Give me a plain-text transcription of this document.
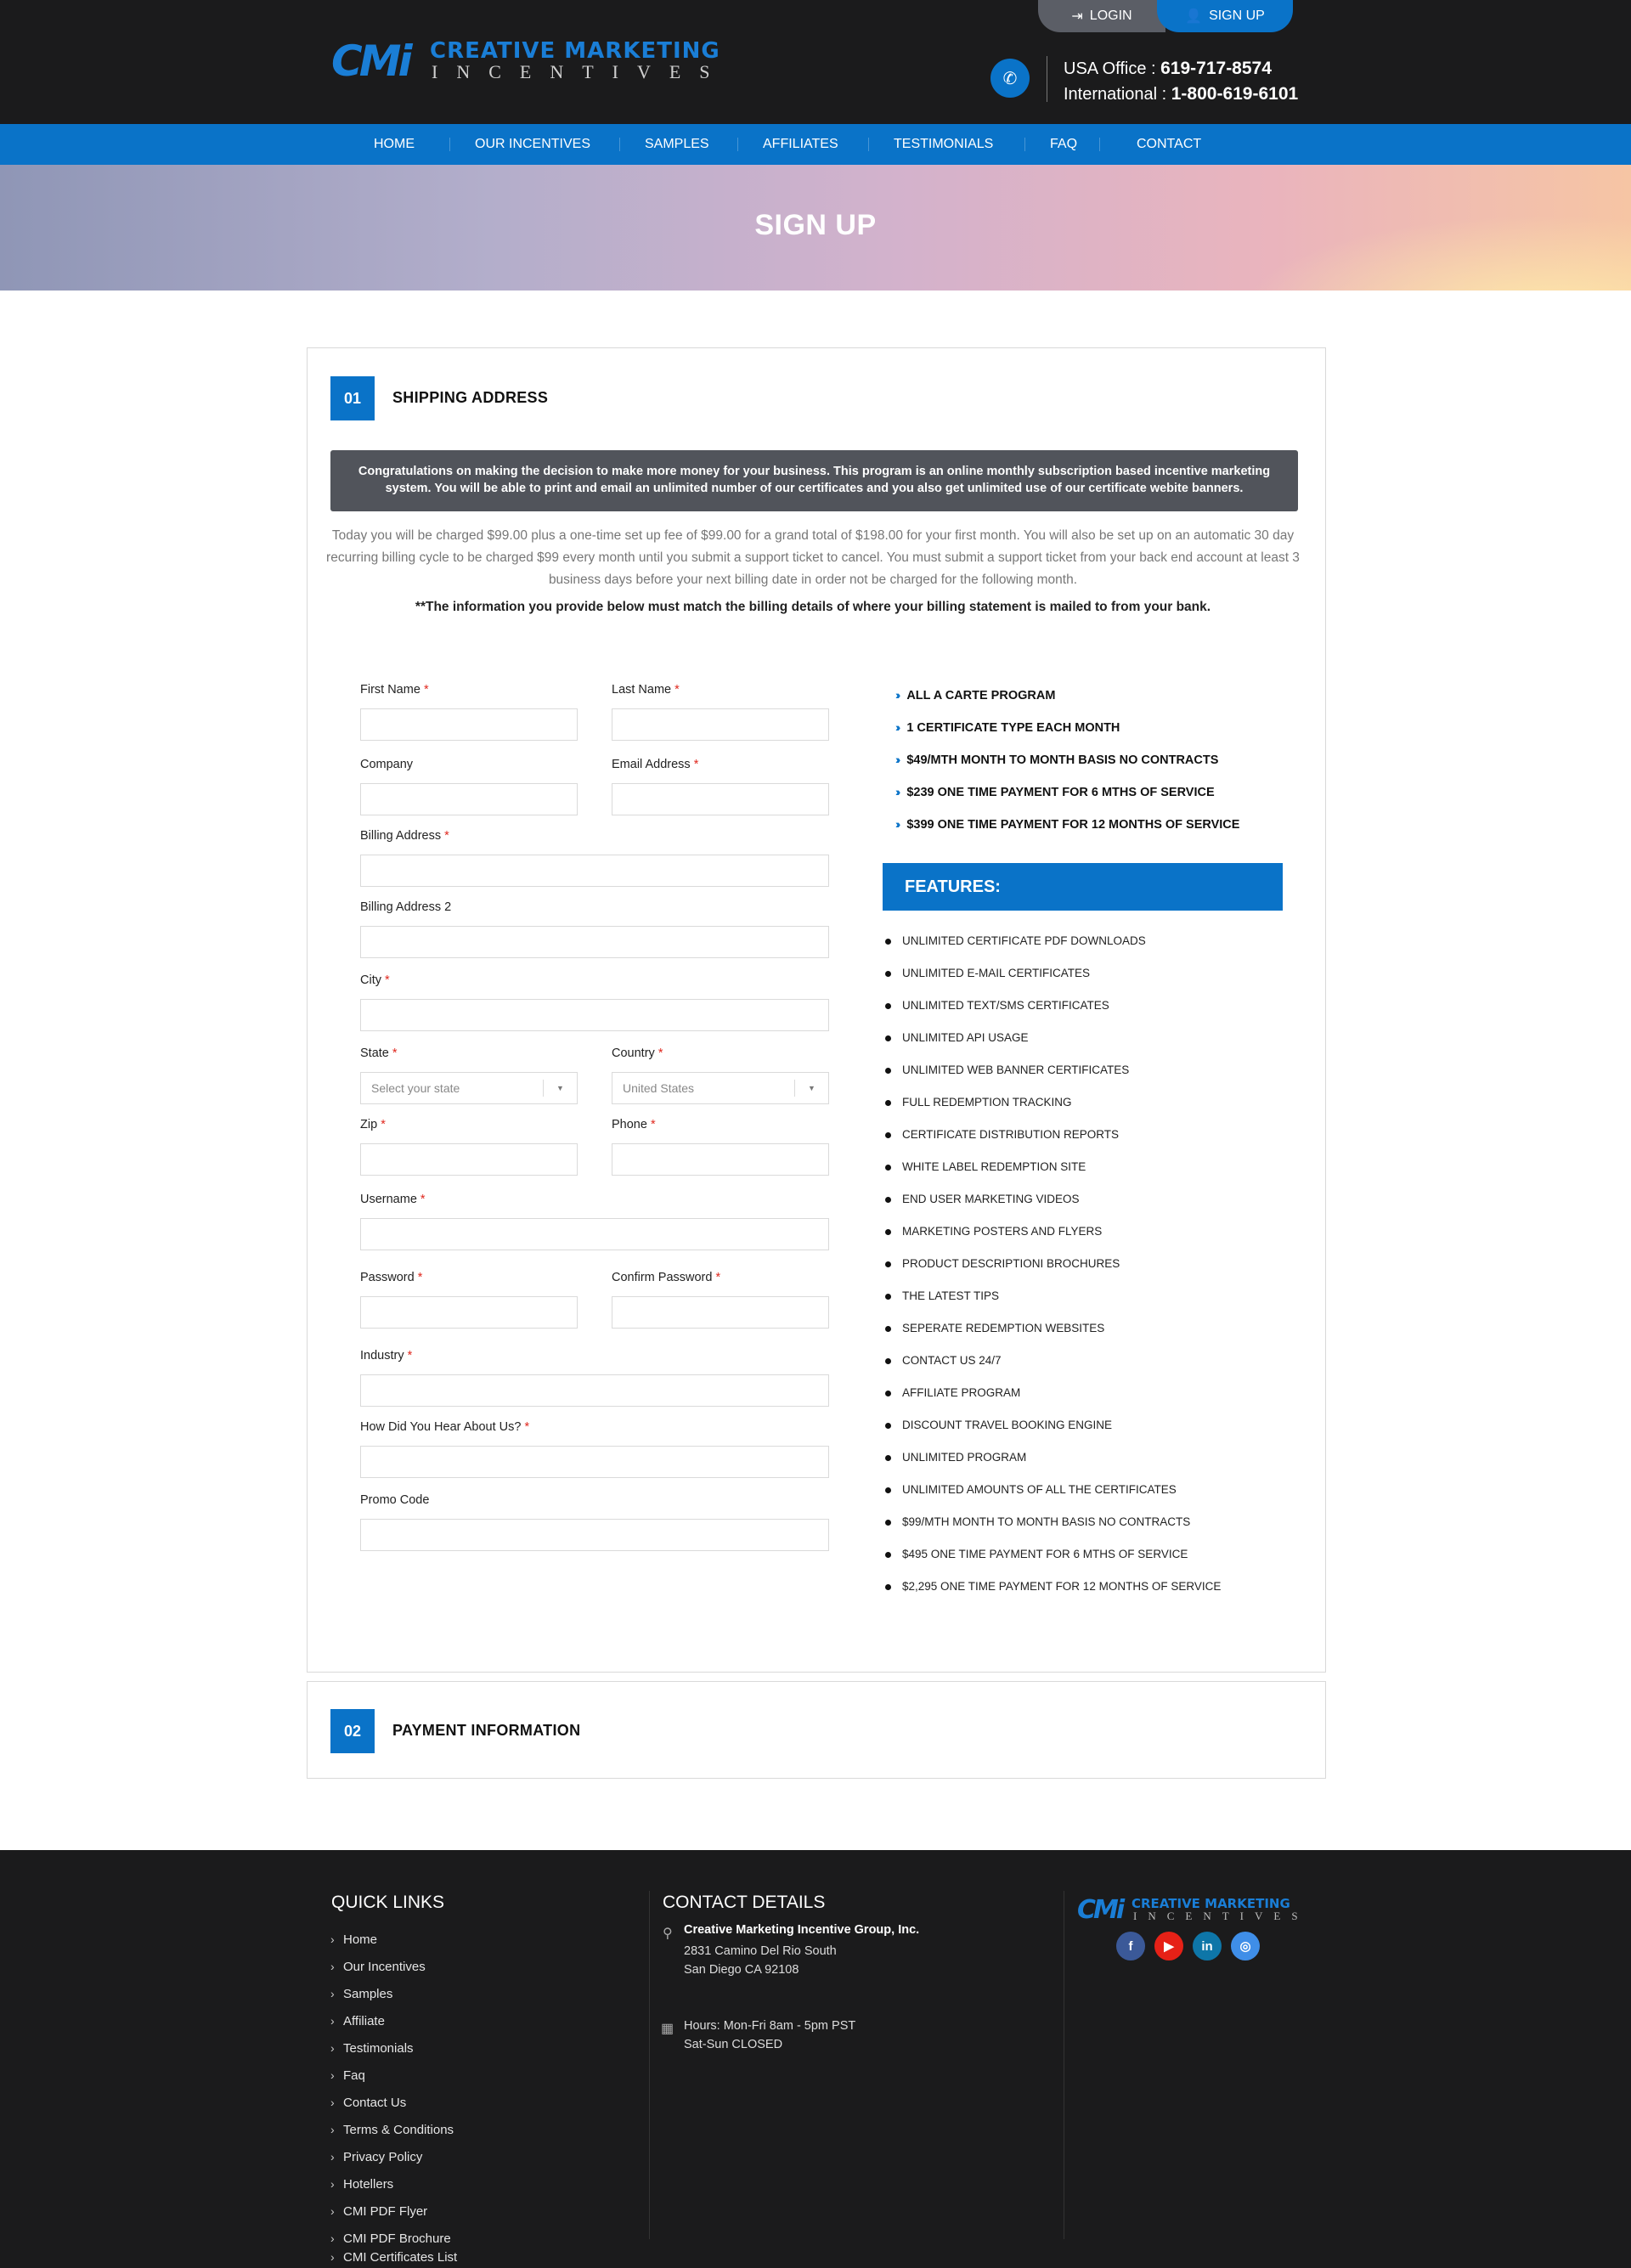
⇥ LOGIN	👤 SIGN UP
CMi CREATIVE MARKETING
INCENTIVES	✆
USA Office : 619-717-8574
International : 1-800-619-6101
HOME	OUR INCENTIVES	SAMPLES	AFFILIATES	TESTIMONIALS	FAQ	CONTACT
SIGN UP
01	SHIPPING ADDRESS
Congratulations on making the decision to make more money for your business. This program is an online monthly subscription based incentive marketing system. You will be able to print and email an unlimited number of our certificates and you also get unlimited use of our certificate webite banners.
Today you will be charged $99.00 plus a one-time set up fee of $99.00 for a grand total of $198.00 for your first month. You will also be set up on an automatic 30 day recurring billing cycle to be charged $99 every month until you submit a support ticket to cancel. You must submit a support ticket from your back end account at least 3 business days before your next billing date in order not be charged for the following month.
**The information you provide below must match the billing details of where your billing statement is mailed to from your bank.
First Name *	Last Name *
Company	Email Address *
Billing Address *
Billing Address 2
City *
State *
Select your state	▼
Country *
United States	▼
Zip *	Phone *
Username *
Password *	Confirm Password *
Industry *
How Did You Hear About Us? *
Promo Code
›› ALL A CARTE PROGRAM
›› 1 CERTIFICATE TYPE EACH MONTH
›› $49/MTH MONTH TO MONTH BASIS NO CONTRACTS
›› $239 ONE TIME PAYMENT FOR 6 MTHS OF SERVICE
›› $399 ONE TIME PAYMENT FOR 12 MONTHS OF SERVICE
FEATURES:
UNLIMITED CERTIFICATE PDF DOWNLOADS
UNLIMITED E-MAIL CERTIFICATES
UNLIMITED TEXT/SMS CERTIFICATES
UNLIMITED API USAGE
UNLIMITED WEB BANNER CERTIFICATES
FULL REDEMPTION TRACKING
CERTIFICATE DISTRIBUTION REPORTS
WHITE LABEL REDEMPTION SITE
END USER MARKETING VIDEOS
MARKETING POSTERS AND FLYERS
PRODUCT DESCRIPTIONI BROCHURES
THE LATEST TIPS
SEPERATE REDEMPTION WEBSITES
CONTACT US 24/7
AFFILIATE PROGRAM
DISCOUNT TRAVEL BOOKING ENGINE
UNLIMITED PROGRAM
UNLIMITED AMOUNTS OF ALL THE CERTIFICATES
$99/MTH MONTH TO MONTH BASIS NO CONTRACTS
$495 ONE TIME PAYMENT FOR 6 MTHS OF SERVICE
$2,295 ONE TIME PAYMENT FOR 12 MONTHS OF SERVICE
02	PAYMENT INFORMATION
QUICK LINKS
› Home
› Our Incentives
› Samples
› Affiliate
› Testimonials
› Faq
› Contact Us
› Terms & Conditions
› Privacy Policy
› Hotellers
› CMI PDF Flyer
› CMI PDF Brochure
› CMI Certificates List
CONTACT DETAILS
⚲ Creative Marketing Incentive Group, Inc.
2831 Camino Del Rio South
San Diego CA 92108
▦ Hours: Mon-Fri 8am - 5pm PST
Sat-Sun CLOSED
CMi CREATIVE MARKETING
INCENTIVES
f	▶	in	◎
